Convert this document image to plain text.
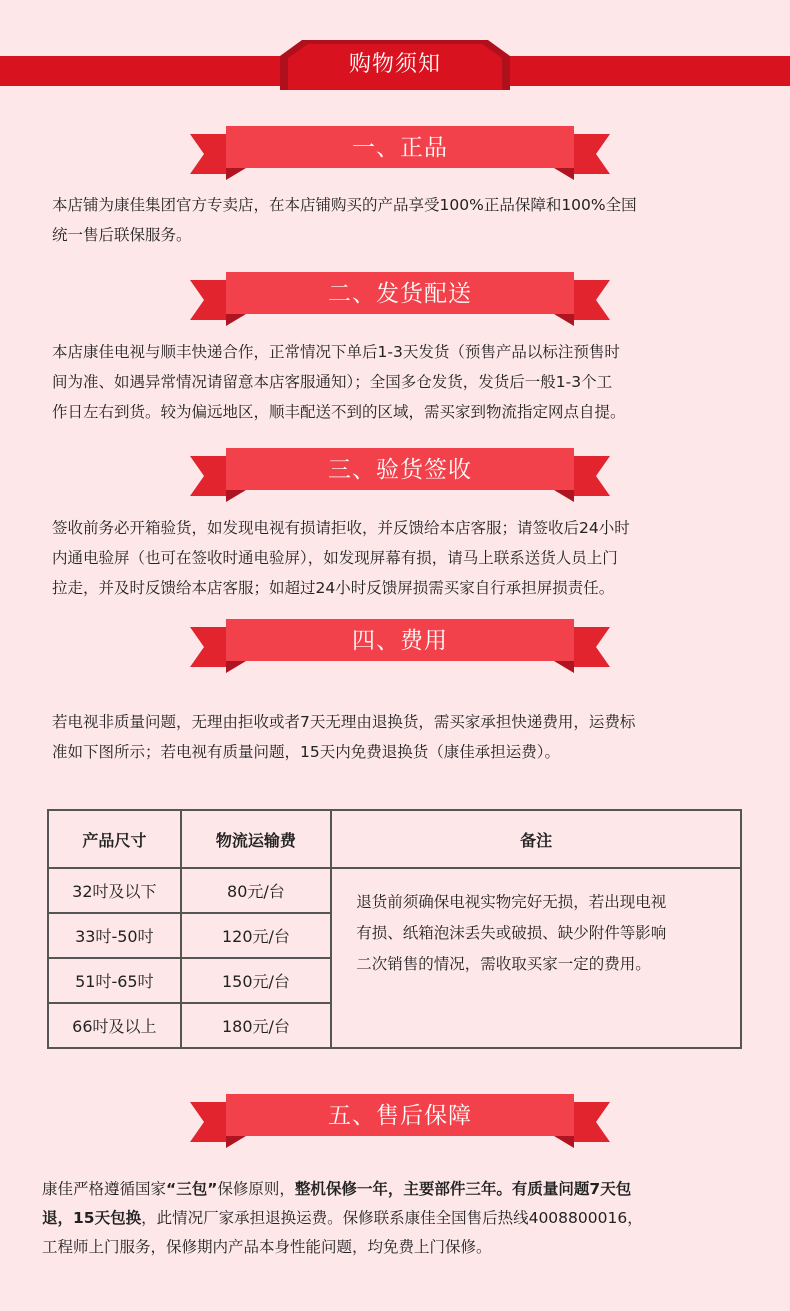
购物须知
一、正品
本店铺为康佳集团官方专卖店，在本店铺购买的产品享受100%正品保障和100%全国
统一售后联保服务。
二、发货配送
本店康佳电视与顺丰快递合作，正常情况下单后1-3天发货（预售产品以标注预售时
间为准、如遇异常情况请留意本店客服通知）；全国多仓发货，发货后一般1-3个工
作日左右到货。较为偏远地区，顺丰配送不到的区域，需买家到物流指定网点自提。
三、验货签收
签收前务必开箱验货，如发现电视有损请拒收，并反馈给本店客服；请签收后24小时
内通电验屏（也可在签收时通电验屏），如发现屏幕有损，请马上联系送货人员上门
拉走，并及时反馈给本店客服；如超过24小时反馈屏损需买家自行承担屏损责任。
四、费用
若电视非质量问题，无理由拒收或者7天无理由退换货，需买家承担快递费用，运费标
准如下图所示；若电视有质量问题，15天内免费退换货（康佳承担运费）。
产品尺寸	物流运输费	备注
32吋及以下	80元/台	退货前须确保电视实物完好无损，若出现电视
有损、纸箱泡沫丢失或破损、缺少附件等影响
二次销售的情况，需收取买家一定的费用。

33吋-50吋	120元/台	
51吋-65吋	150元/台	
66吋及以上	180元/台	
五、售后保障
康佳严格遵循国家“三包”保修原则，整机保修一年，主要部件三年。有质量问题7天包
退，15天包换，此情况厂家承担退换运费。保修联系康佳全国售后热线4008800016，
工程师上门服务，保修期内产品本身性能问题，均免费上门保修。
